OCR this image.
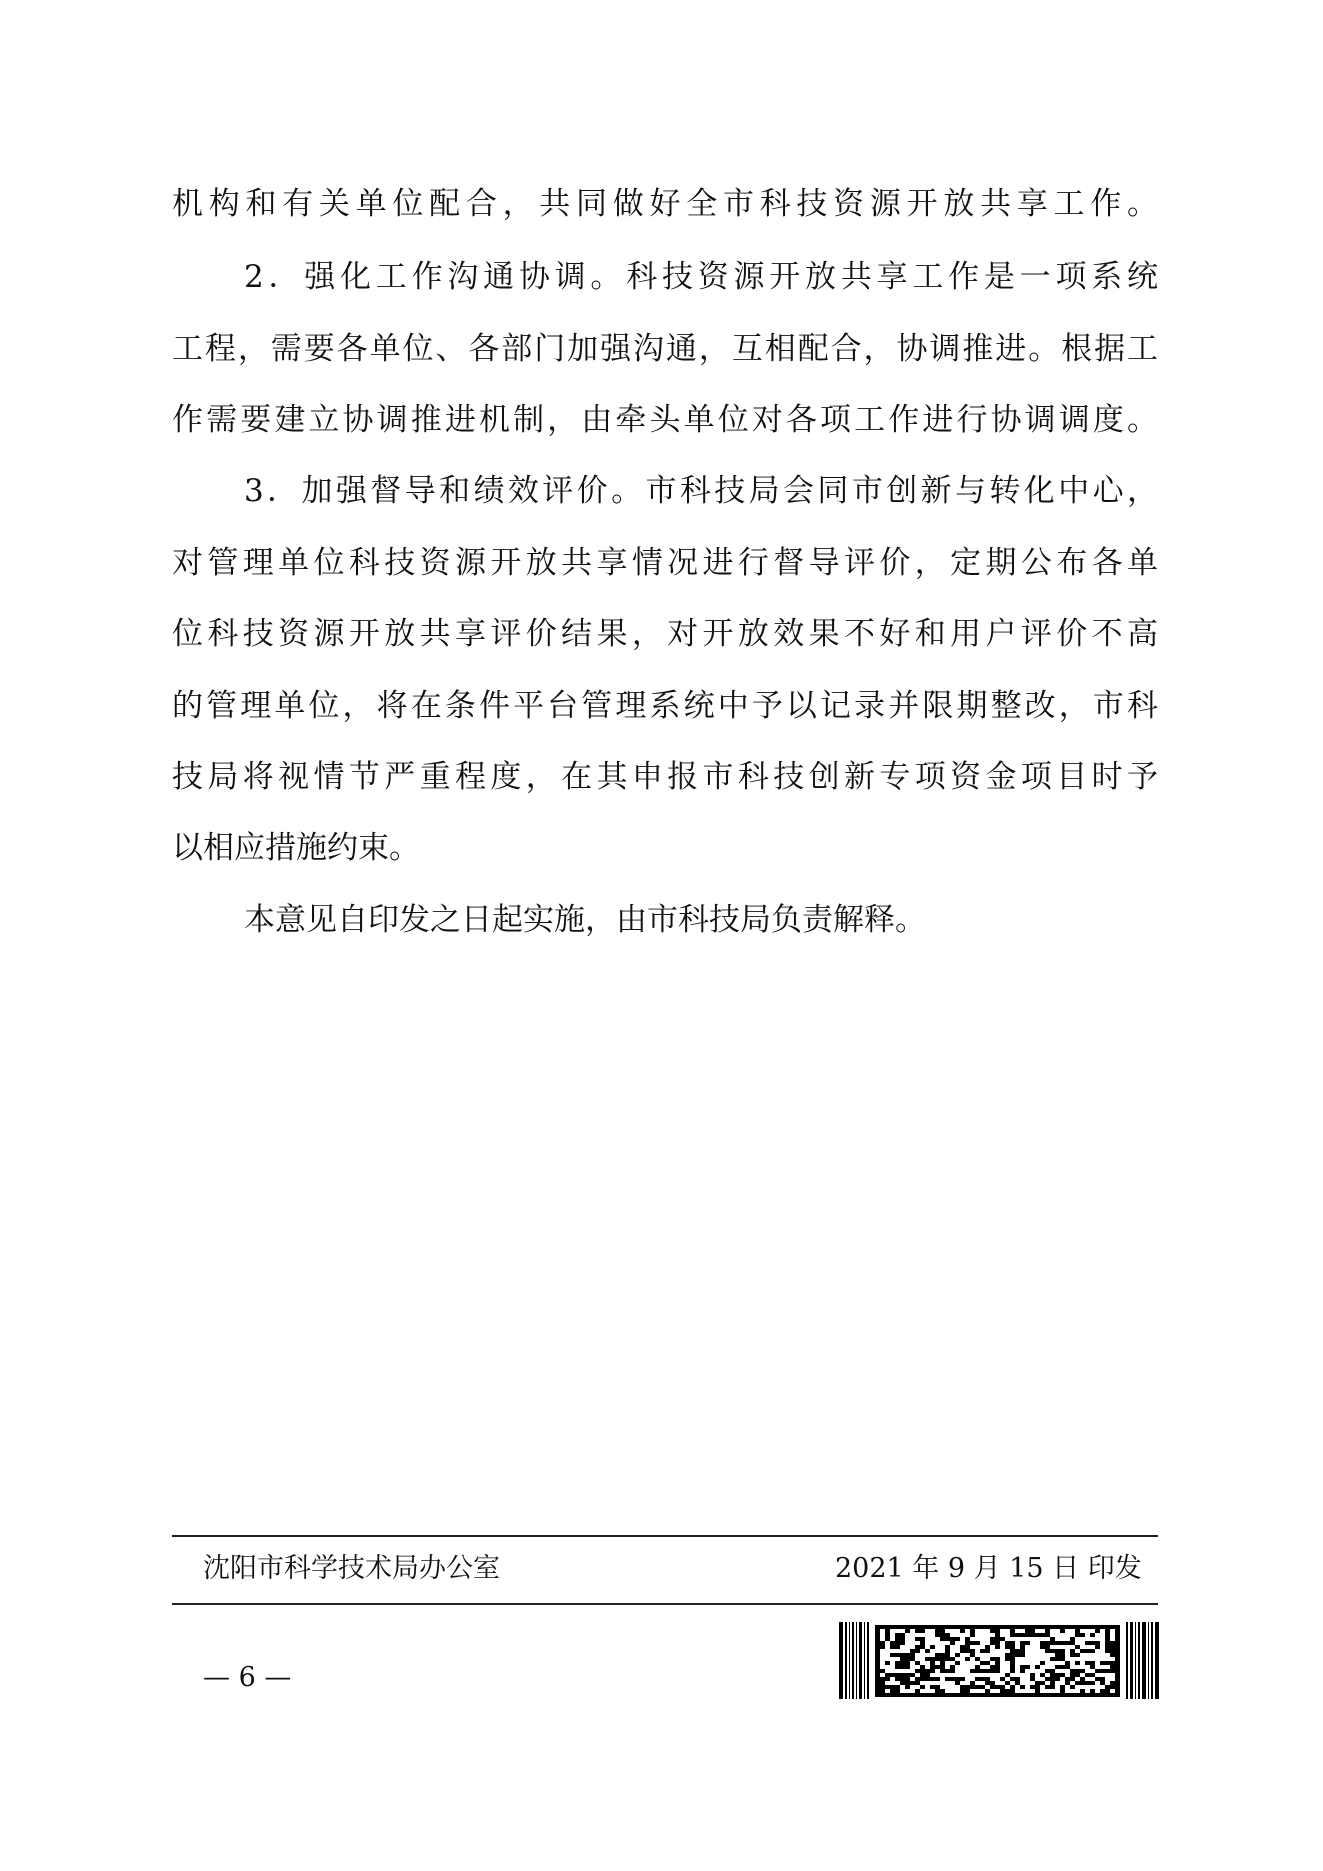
机构和有关单位配合，共同做好全市科技资源开放共享工作。

2．强化工作沟通协调。科技资源开放共享工作是一项系统

工程，需要各单位、各部门加强沟通，互相配合，协调推进。根据工

作需要建立协调推进机制，由牵头单位对各项工作进行协调调度。

3．加强督导和绩效评价。市科技局会同市创新与转化中心，

对管理单位科技资源开放共享情况进行督导评价，定期公布各单

位科技资源开放共享评价结果，对开放效果不好和用户评价不高

的管理单位，将在条件平台管理系统中予以记录并限期整改，市科

技局将视情节严重程度，在其申报市科技创新专项资金项目时予

以相应措施约束。

本意见自印发之日起实施，由市科技局负责解释。

沈阳市科学技术局办公室	2021 年 9 月 15 日 印发
— 6 —
